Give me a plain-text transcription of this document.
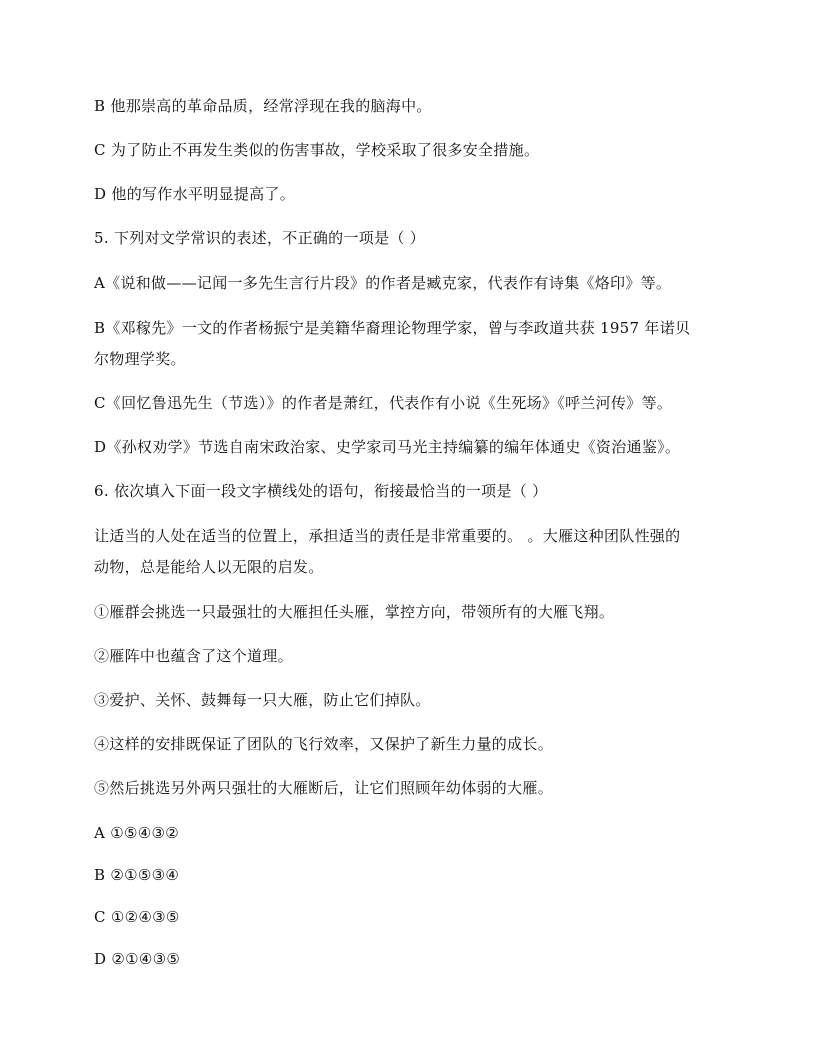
B 他那崇高的革命品质，经常浮现在我的脑海中。
C 为了防止不再发生类似的伤害事故，学校采取了很多安全措施。
D 他的写作水平明显提高了。
5. 下列对文学常识的表述，不正确的一项是（ ）
A《说和做——记闻一多先生言行片段》的作者是臧克家，代表作有诗集《烙印》等。
B《邓稼先》一文的作者杨振宁是美籍华裔理论物理学家，曾与李政道共获 1957 年诺贝
尔物理学奖。
C《回忆鲁迅先生（节选）》的作者是萧红，代表作有小说《生死场》《呼兰河传》等。
D《孙权劝学》节选自南宋政治家、史学家司马光主持编纂的编年体通史《资治通鉴》。
6. 依次填入下面一段文字横线处的语句，衔接最恰当的一项是（ ）
让适当的人处在适当的位置上，承担适当的责任是非常重要的。 。大雁这种团队性强的
动物，总是能给人以无限的启发。
①雁群会挑选一只最强壮的大雁担任头雁，掌控方向，带领所有的大雁飞翔。
②雁阵中也蕴含了这个道理。
③爱护、关怀、鼓舞每一只大雁，防止它们掉队。
④这样的安排既保证了团队的飞行效率，又保护了新生力量的成长。
⑤然后挑选另外两只强壮的大雁断后，让它们照顾年幼体弱的大雁。
A ①⑤④③②
B ②①⑤③④
C ①②④③⑤
D ②①④③⑤
